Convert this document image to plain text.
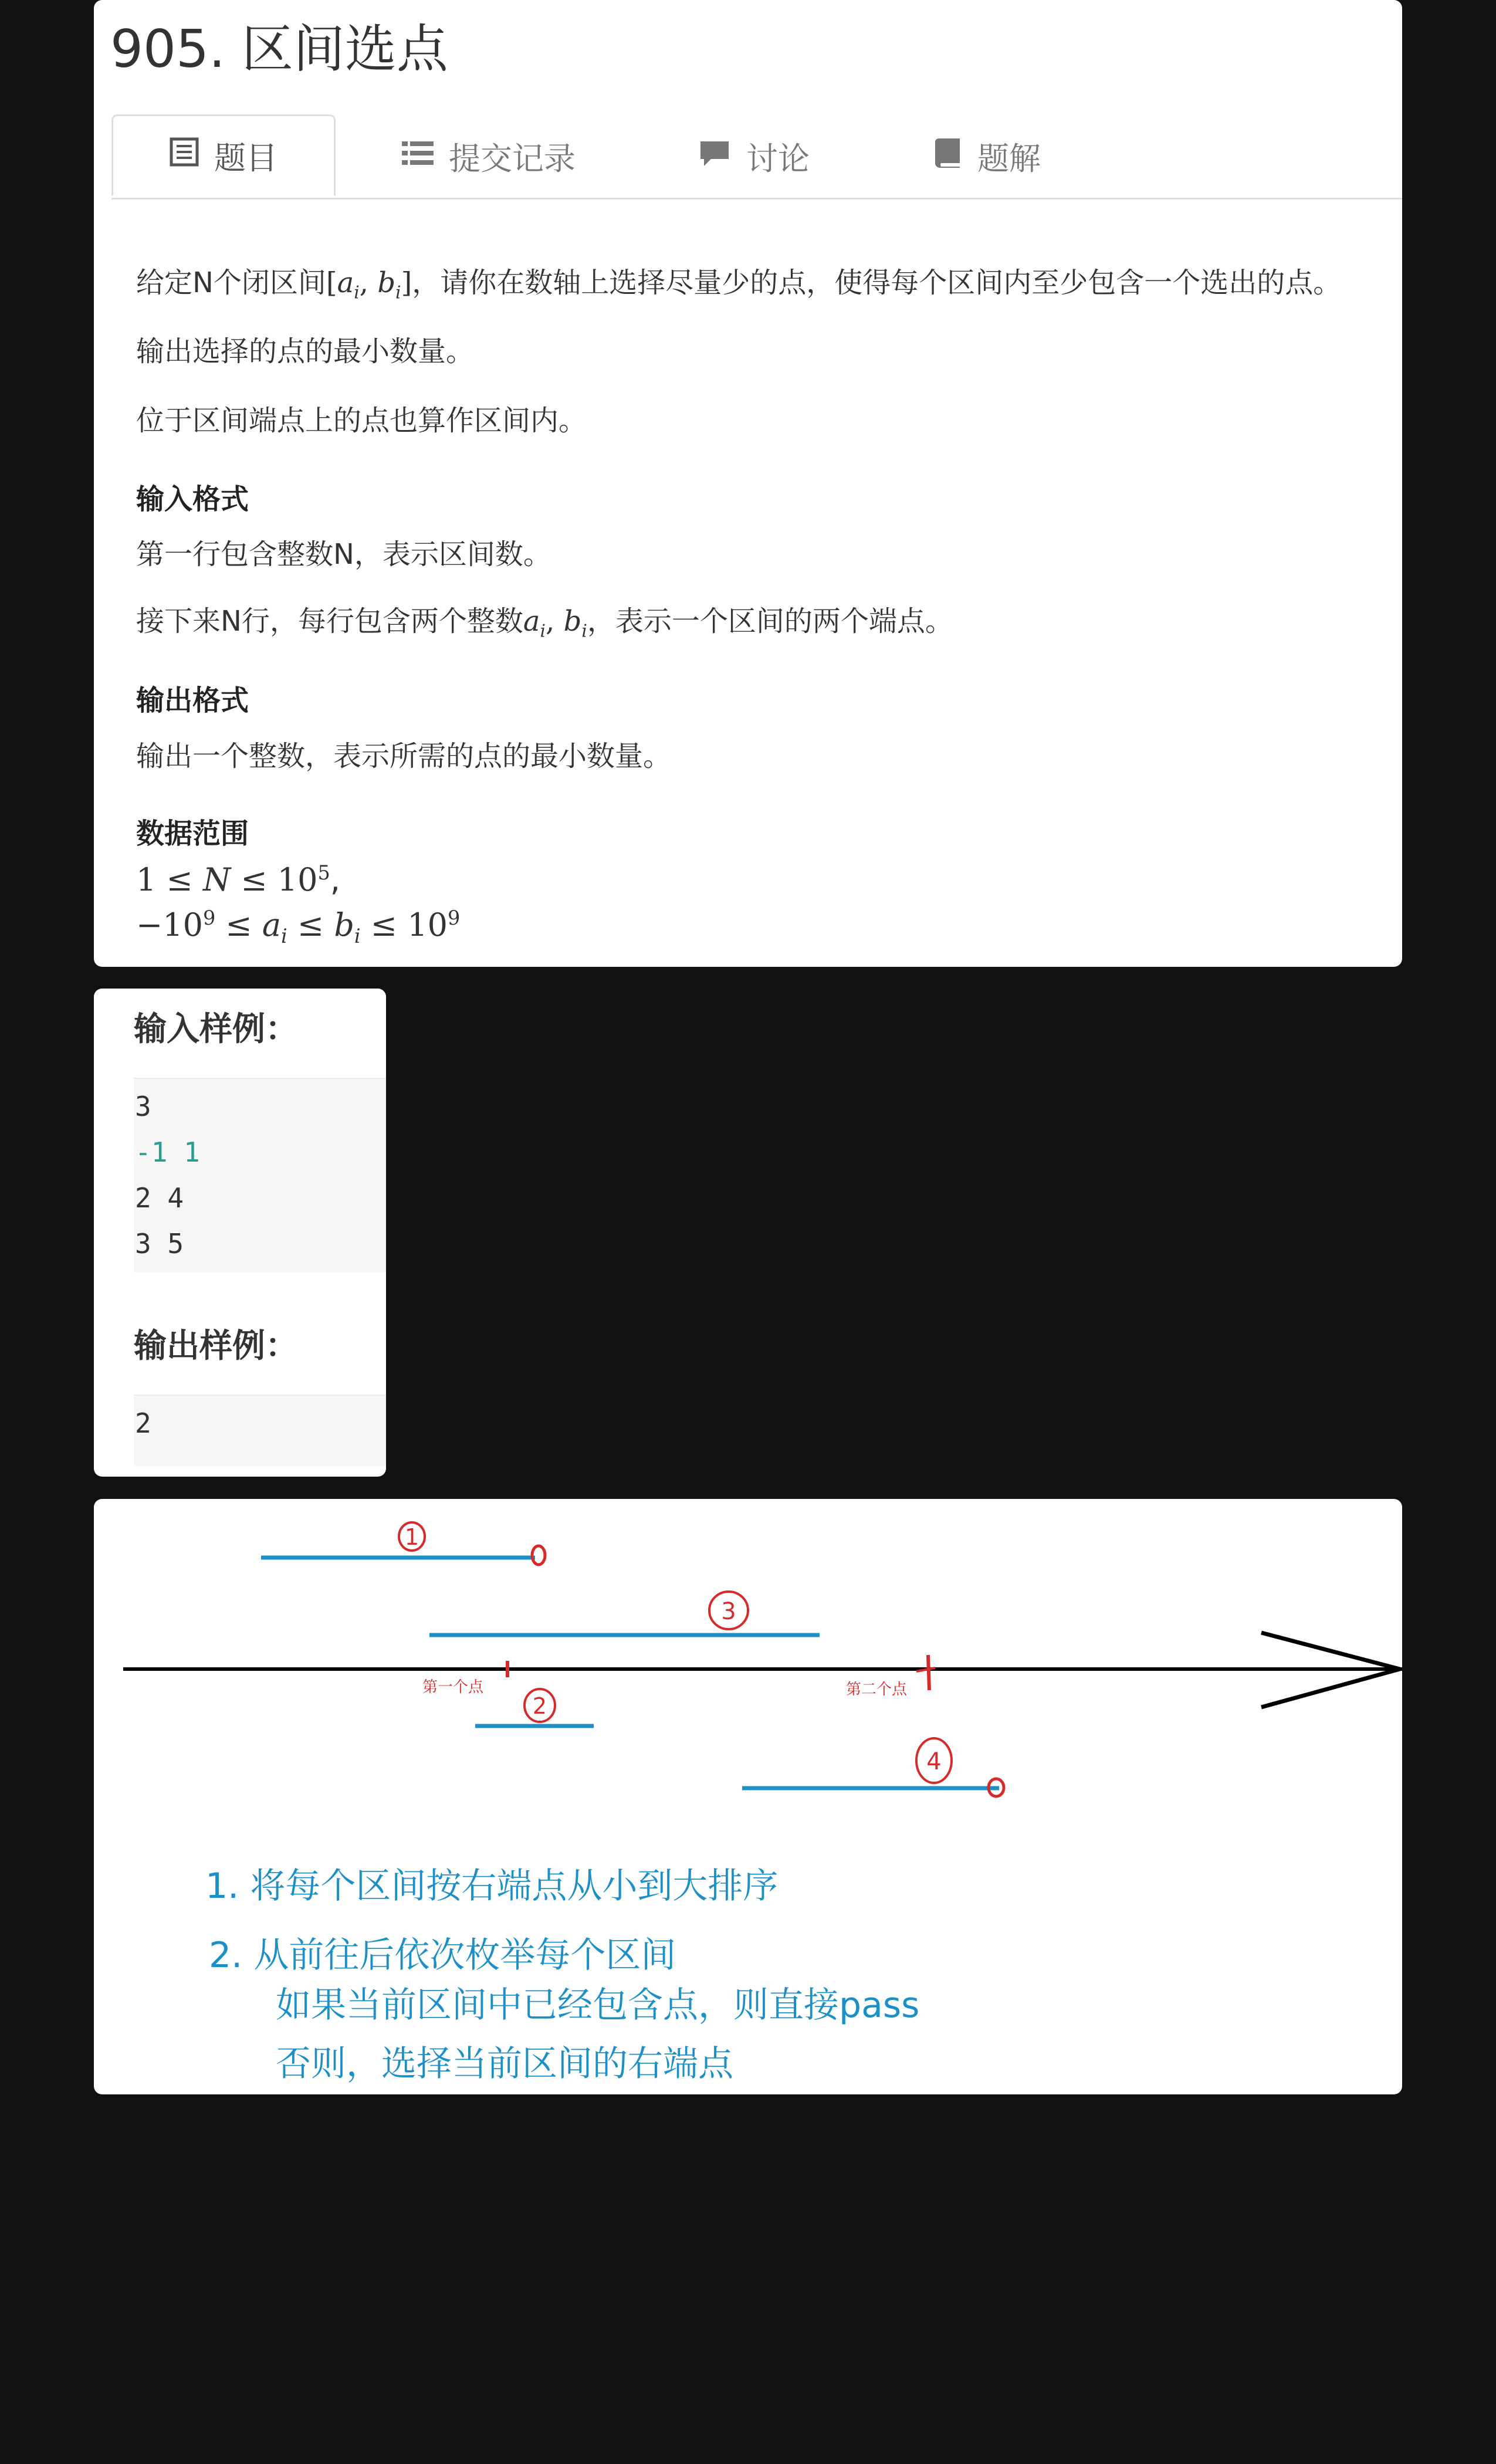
905. 区间选点
题目	提交记录	讨论	题解
给定N个闭区间[$a_i$, $b_i$]，请你在数轴上选择尽量少的点，使得每个区间内至少包含一个选出的点。
输出选择的点的最小数量。
位于区间端点上的点也算作区间内。
输入格式
第一行包含整数N，表示区间数。
接下来N行，每行包含两个整数$a_i$, $b_i$，表示一个区间的两个端点。
输出格式
输出一个整数，表示所需的点的最小数量。
数据范围
$1 \le N \le 10^5$,
$-10^9 \le a_i \le b_i \le 10^9$
输入样例：
3
-1 1
2 4
3 5
输出样例：
2
1
3
2
4
第一个点	第二个点
1. 将每个区间按右端点从小到大排序
2. 从前往后依次枚举每个区间
如果当前区间中已经包含点，则直接pass
否则，选择当前区间的右端点
